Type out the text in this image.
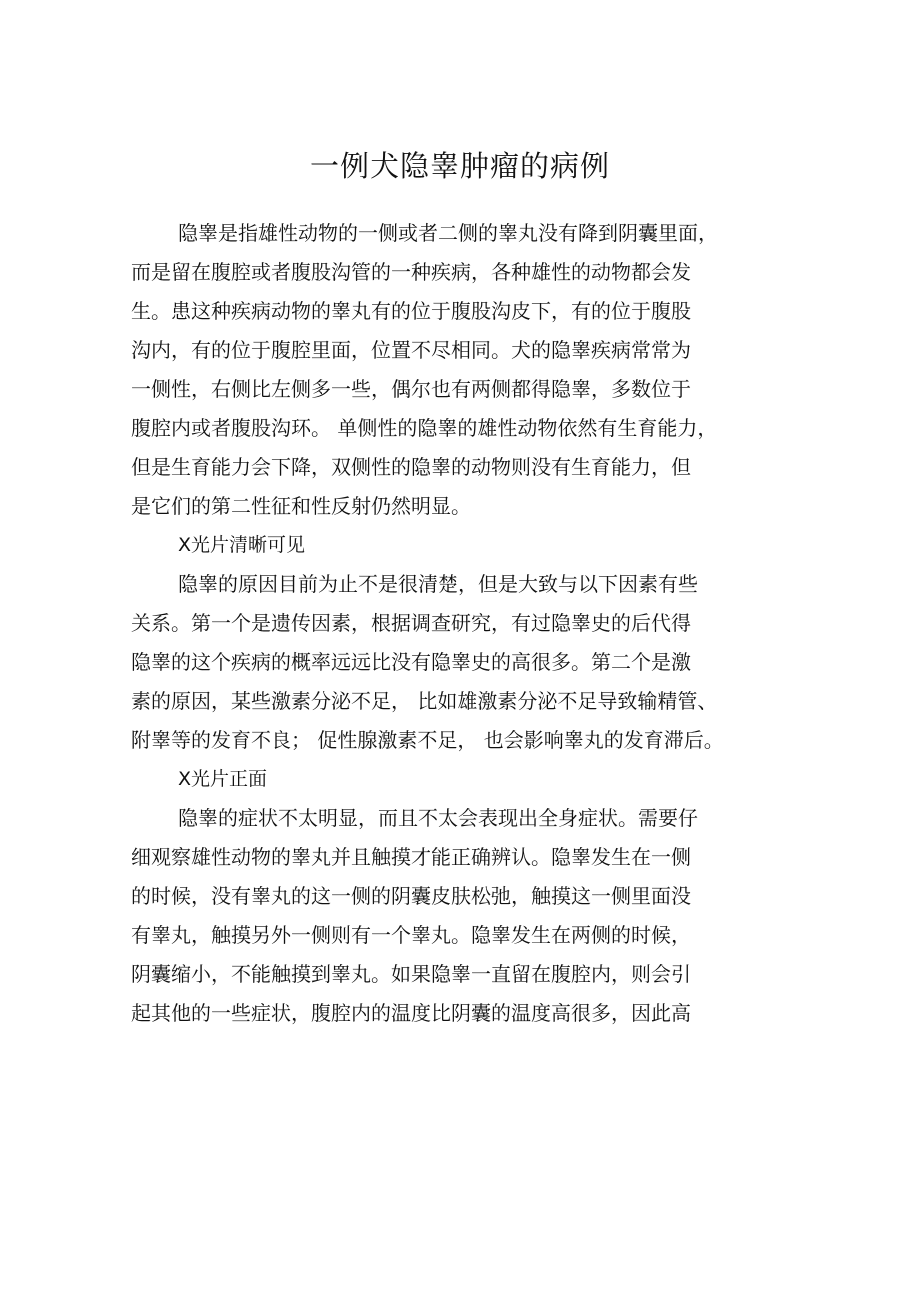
一例犬隐睾肿瘤的病例

隐睾是指雄性动物的一侧或者二侧的睾丸没有降到阴囊里面，

而是留在腹腔或者腹股沟管的一种疾病，各种雄性的动物都会发

生。患这种疾病动物的睾丸有的位于腹股沟皮下，有的位于腹股

沟内，有的位于腹腔里面，位置不尽相同。犬的隐睾疾病常常为

一侧性，右侧比左侧多一些，偶尔也有两侧都得隐睾，多数位于

腹腔内或者腹股沟环。 单侧性的隐睾的雄性动物依然有生育能力，

但是生育能力会下降，双侧性的隐睾的动物则没有生育能力，但

是它们的第二性征和性反射仍然明显。

X光片清晰可见

隐睾的原因目前为止不是很清楚，但是大致与以下因素有些

关系。第一个是遗传因素，根据调查研究，有过隐睾史的后代得

隐睾的这个疾病的概率远远比没有隐睾史的高很多。第二个是激

素的原因，某些激素分泌不足， 比如雄激素分泌不足导致输精管、

附睾等的发育不良； 促性腺激素不足， 也会影响睾丸的发育滞后。

X光片正面

隐睾的症状不太明显，而且不太会表现出全身症状。需要仔

细观察雄性动物的睾丸并且触摸才能正确辨认。隐睾发生在一侧

的时候，没有睾丸的这一侧的阴囊皮肤松弛，触摸这一侧里面没

有睾丸，触摸另外一侧则有一个睾丸。隐睾发生在两侧的时候，

阴囊缩小，不能触摸到睾丸。如果隐睾一直留在腹腔内，则会引

起其他的一些症状，腹腔内的温度比阴囊的温度高很多，因此高
